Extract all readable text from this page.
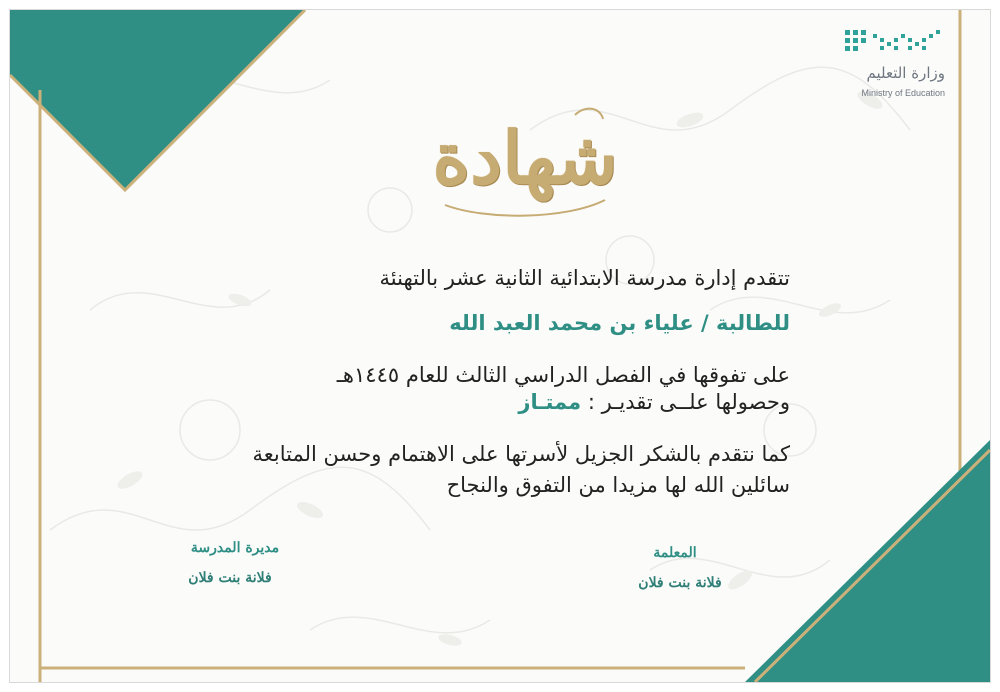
وزارة التعليم
Ministry of Education
شهادة
تتقدم إدارة مدرسة الابتدائية الثانية عشر بالتهنئة
للطالبة / علياء بن محمد العبد الله
على تفوقها في الفصل الدراسي الثالث للعام ١٤٤٥هـ
وحصولها علــى تقديـر : ممتـاز
كما نتقدم بالشكر الجزيل لأسرتها على الاهتمام وحسن المتابعة
سائلين الله لها مزيدا من التفوق والنجاح
المعلمة
فلانة بنت فلان
مديرة المدرسة
فلانة بنت فلان
